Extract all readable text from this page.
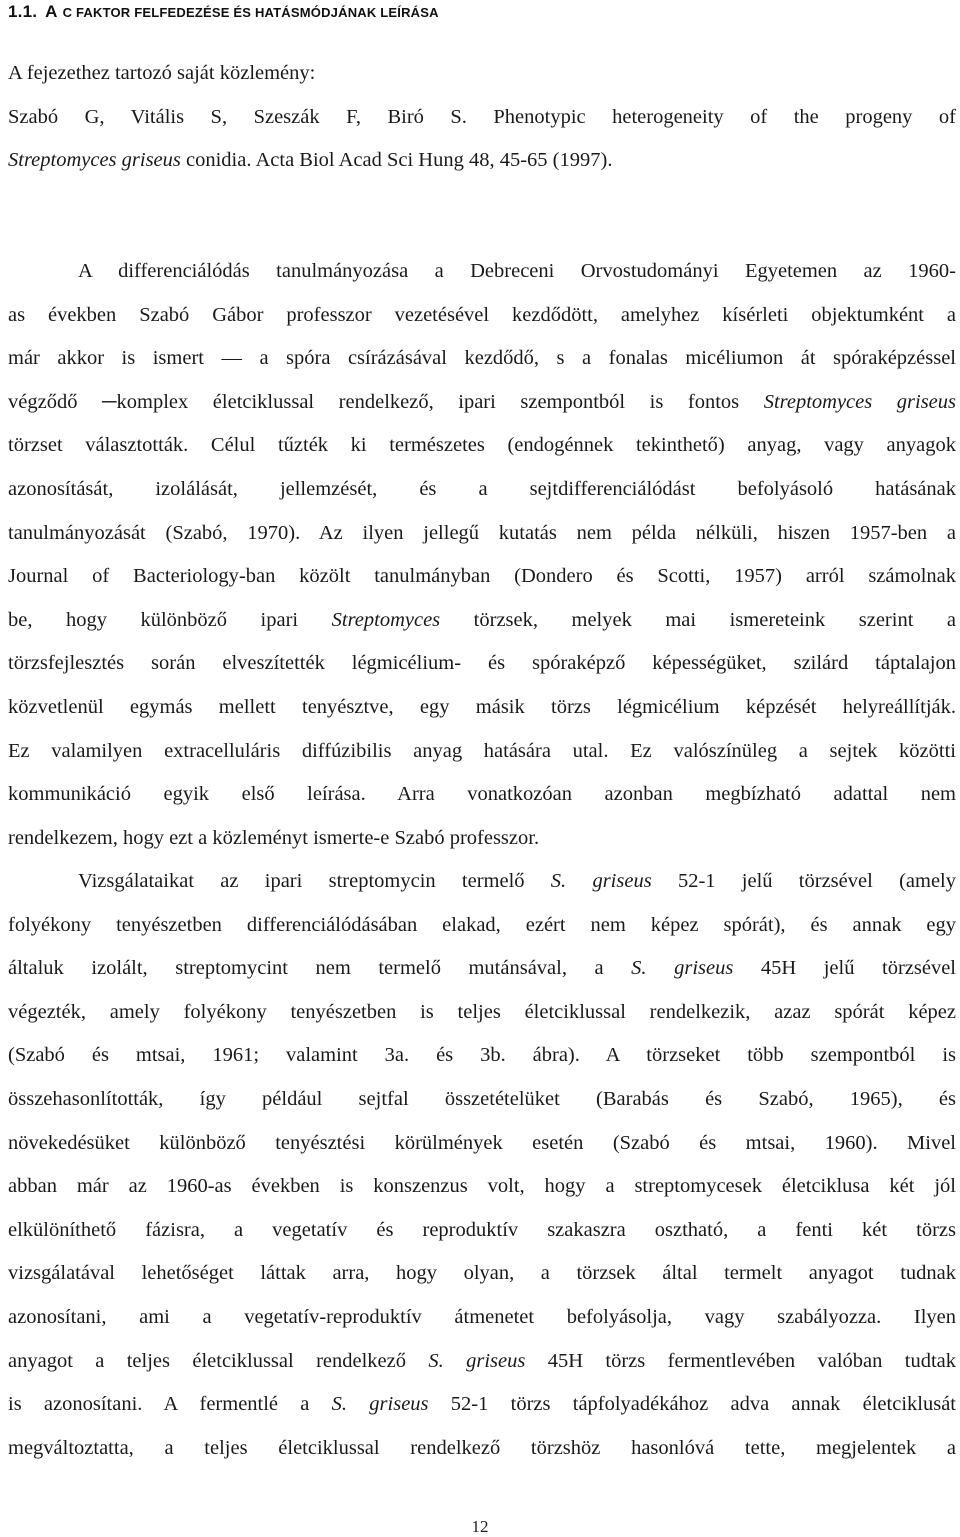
1.1. A C FAKTOR FELFEDEZÉSE ÉS HATÁSMÓDJÁNAK LEÍRÁSA
A fejezethez tartozó saját közlemény:
Szabó G, Vitális S, Szeszák F, Biró S. Phenotypic heterogeneity of the progeny of
Streptomyces griseus conidia. Acta Biol Acad Sci Hung 48, 45-65 (1997).
A differenciálódás tanulmányozása a Debreceni Orvostudományi Egyetemen az 1960-
as években Szabó Gábor professzor vezetésével kezdődött, amelyhez kísérleti objektumként a
már akkor is ismert — a spóra csírázásával kezdődő, s a fonalas micéliumon át spóraképzéssel
végződő ─komplex életciklussal rendelkező, ipari szempontból is fontos Streptomyces griseus
törzset választották. Célul tűzték ki természetes (endogénnek tekinthető) anyag, vagy anyagok
azonosítását, izolálását, jellemzését, és a sejtdifferenciálódást befolyásoló hatásának
tanulmányozását (Szabó, 1970). Az ilyen jellegű kutatás nem példa nélküli, hiszen 1957-ben a
Journal of Bacteriology-ban közölt tanulmányban (Dondero és Scotti, 1957) arról számolnak
be, hogy különböző ipari Streptomyces törzsek, melyek mai ismereteink szerint a
törzsfejlesztés során elveszítették légmicélium- és spóraképző képességüket, szilárd táptalajon
közvetlenül egymás mellett tenyésztve, egy másik törzs légmicélium képzését helyreállítják.
Ez valamilyen extracelluláris diffúzibilis anyag hatására utal. Ez valószínüleg a sejtek közötti
kommunikáció egyik első leírása. Arra vonatkozóan azonban megbízható adattal nem
rendelkezem, hogy ezt a közleményt ismerte-e Szabó professzor.
Vizsgálataikat az ipari streptomycin termelő S. griseus 52-1 jelű törzsével (amely
folyékony tenyészetben differenciálódásában elakad, ezért nem képez spórát), és annak egy
általuk izolált, streptomycint nem termelő mutánsával, a S. griseus 45H jelű törzsével
végezték, amely folyékony tenyészetben is teljes életciklussal rendelkezik, azaz spórát képez
(Szabó és mtsai, 1961; valamint 3a. és 3b. ábra). A törzseket több szempontból is
összehasonlították, így például sejtfal összetételüket (Barabás és Szabó, 1965), és
növekedésüket különböző tenyésztési körülmények esetén (Szabó és mtsai, 1960). Mivel
abban már az 1960-as években is konszenzus volt, hogy a streptomycesek életciklusa két jól
elkülöníthető fázisra, a vegetatív és reproduktív szakaszra osztható, a fenti két törzs
vizsgálatával lehetőséget láttak arra, hogy olyan, a törzsek által termelt anyagot tudnak
azonosítani, ami a vegetatív-reproduktív átmenetet befolyásolja, vagy szabályozza. Ilyen
anyagot a teljes életciklussal rendelkező S. griseus 45H törzs fermentlevében valóban tudtak
is azonosítani. A fermentlé a S. griseus 52-1 törzs tápfolyadékához adva annak életciklusát
megváltoztatta, a teljes életciklussal rendelkező törzshöz hasonlóvá tette, megjelentek a
12
